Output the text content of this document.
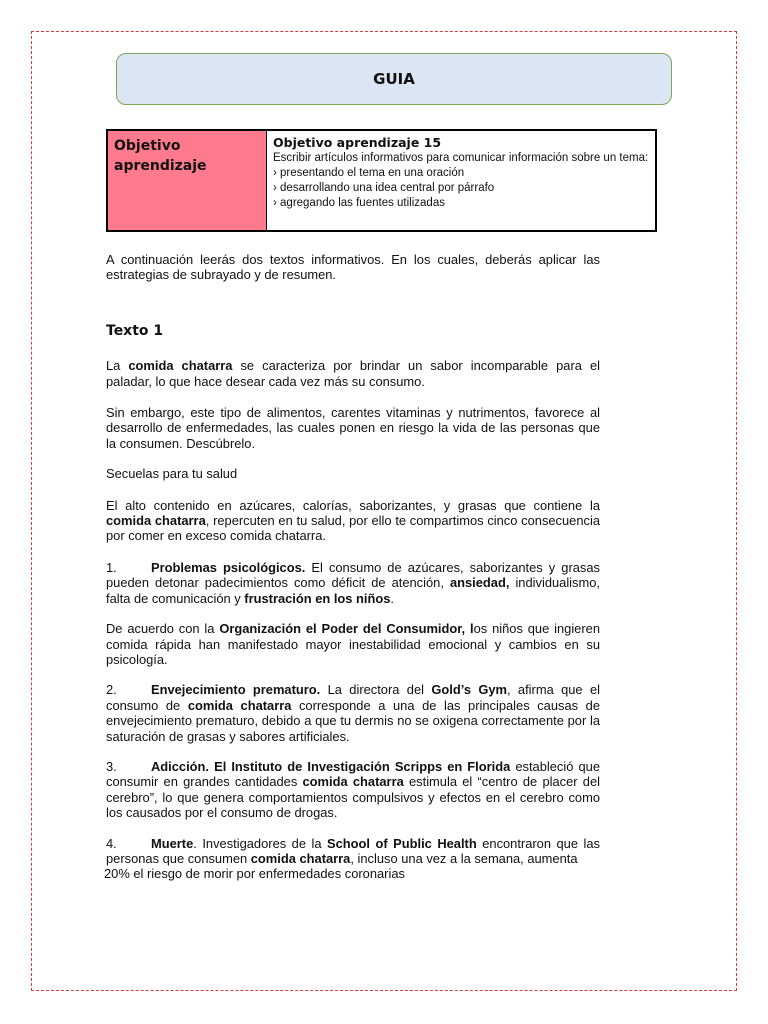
GUIA
Objetivo aprendizaje
Objetivo aprendizaje 15
Escribir artículos informativos para comunicar información sobre un tema:
› presentando el tema en una oración
› desarrollando una idea central por párrafo
› agregando las fuentes utilizadas

A continuación leerás dos textos informativos. En los cuales, deberás aplicar las estrategias de subrayado y de resumen.

Texto 1

La comida chatarra se caracteriza por brindar un sabor incomparable para el paladar, lo que hace desear cada vez más su consumo.

Sin embargo, este tipo de alimentos, carentes vitaminas y nutrimentos, favorece al desarrollo de enfermedades, las cuales ponen en riesgo la vida de las personas que la consumen. Descúbrelo.

Secuelas para tu salud

El alto contenido en azúcares, calorías, saborizantes, y grasas que contiene la comida chatarra, repercuten en tu salud, por ello te compartimos cinco consecuencia por comer en exceso comida chatarra.

1.	Problemas psicológicos. El consumo de azúcares, saborizantes y grasas pueden detonar padecimientos como déficit de atención, ansiedad, individualismo, falta de comunicación y frustración en los niños.

De acuerdo con la Organización el Poder del Consumidor, los niños que ingieren comida rápida han manifestado mayor inestabilidad emocional y cambios en su psicología.

2.	Envejecimiento prematuro. La directora del Gold’s Gym, afirma que el consumo de comida chatarra corresponde a una de las principales causas de envejecimiento prematuro, debido a que tu dermis no se oxigena correctamente por la saturación de grasas y sabores artificiales.

3.	Adicción. El Instituto de Investigación Scripps en Florida estableció que consumir en grandes cantidades comida chatarra estimula el “centro de placer del cerebro”, lo que genera comportamientos compulsivos y efectos en el cerebro como los causados por el consumo de drogas.

4.	Muerte. Investigadores de la School of Public Health encontraron que las personas que consumen comida chatarra, incluso una vez a la semana, aumenta

20% el riesgo de morir por enfermedades coronarias
